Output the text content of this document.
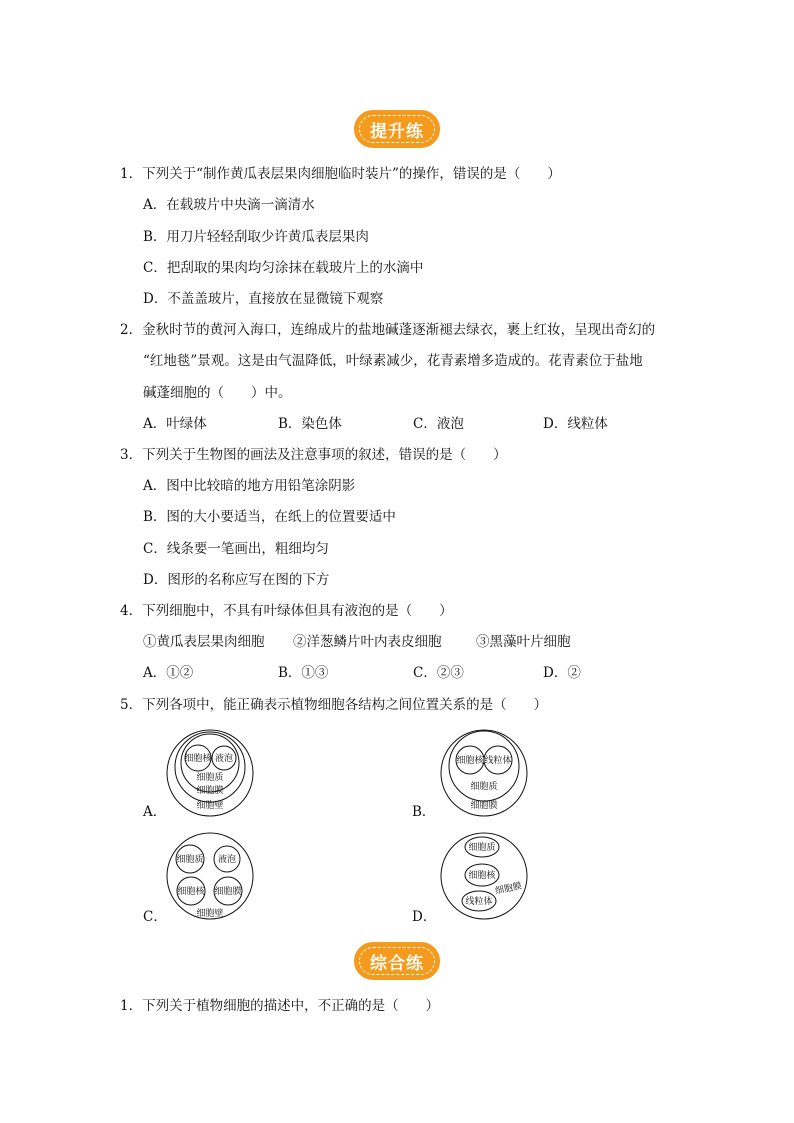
提升练
1．下列关于“制作黄瓜表层果肉细胞临时装片”的操作，错误的是（　　）
A．在载玻片中央滴一滴清水
B．用刀片轻轻刮取少许黄瓜表层果肉
C．把刮取的果肉均匀涂抹在载玻片上的水滴中
D．不盖盖玻片，直接放在显微镜下观察
2．金秋时节的黄河入海口，连绵成片的盐地碱蓬逐渐褪去绿衣，裹上红妆，呈现出奇幻的
“红地毯”景观。这是由气温降低，叶绿素减少，花青素增多造成的。花青素位于盐地
碱蓬细胞的（　　）中。
A．叶绿体	B．染色体	C．液泡	D．线粒体
3．下列关于生物图的画法及注意事项的叙述，错误的是（　　）
A．图中比较暗的地方用铅笔涂阴影
B．图的大小要适当，在纸上的位置要适中
C．线条要一笔画出，粗细均匀
D．图形的名称应写在图的下方
4．下列细胞中，不具有叶绿体但具有液泡的是（　　）
①黄瓜表层果肉细胞 ②洋葱鳞片叶内表皮细胞	③黑藻叶片细胞
A．①②	B．①③	C．②③	D．②
5．下列各项中，能正确表示植物细胞各结构之间位置关系的是（　　）
A．
细胞核 液泡
细胞质
细胞膜
细胞壁	B．
细胞核 线粒体
细胞质
细胞膜
C．
细胞质 液泡
细胞核 细胞膜
细胞壁	D．
细胞质
细胞核
细胞膜
线粒体
综合练
1．下列关于植物细胞的描述中，不正确的是（　　）
